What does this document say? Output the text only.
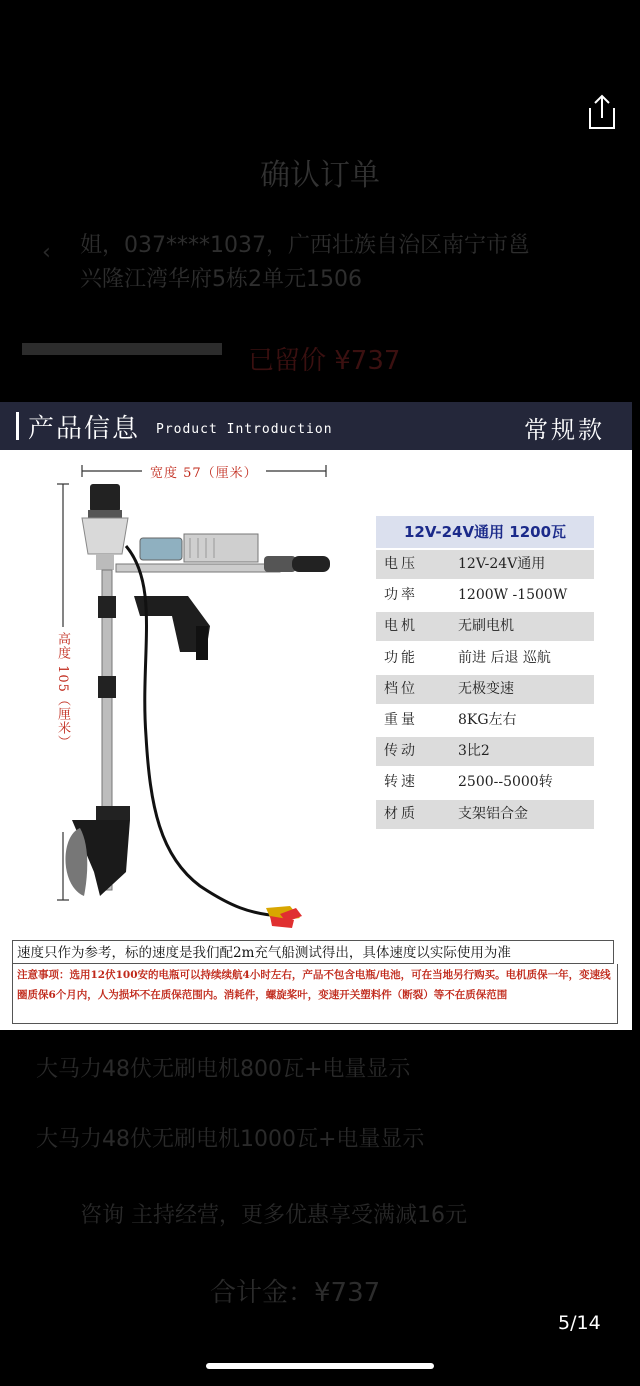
确认订单
‹ 姐，037****1037，广西壮族自治区南宁市邕
兴隆江湾华府5栋2单元1506
已留价 ¥737
产品信息 Product Introduction	常规款
宽度 57（厘米）
高度 105（厘米）
12V-24V通用 1200瓦
电压	12V-24V通用
功率	1200W -1500W
电机	无刷电机
功能	前进 后退 巡航
档位	无极变速
重量	8KG左右
传动	3比2
转速	2500--5000转
材质	支架铝合金
速度只作为参考，标的速度是我们配2m充气船测试得出，具体速度以实际使用为准
注意事项：选用12伏100安的电瓶可以持续续航4小时左右，产品不包含电瓶/电池，可在当地另行购买。电机质保一年，变速线圈质保6个月内，人为损坏不在质保范围内。消耗件，螺旋桨叶，变速开关塑料件（断裂）等不在质保范围
大马力48伏无刷电机800瓦+电量显示
大马力48伏无刷电机1000瓦+电量显示
咨询 主持经营，更多优惠享受满减16元
合计金：¥737
5/14
